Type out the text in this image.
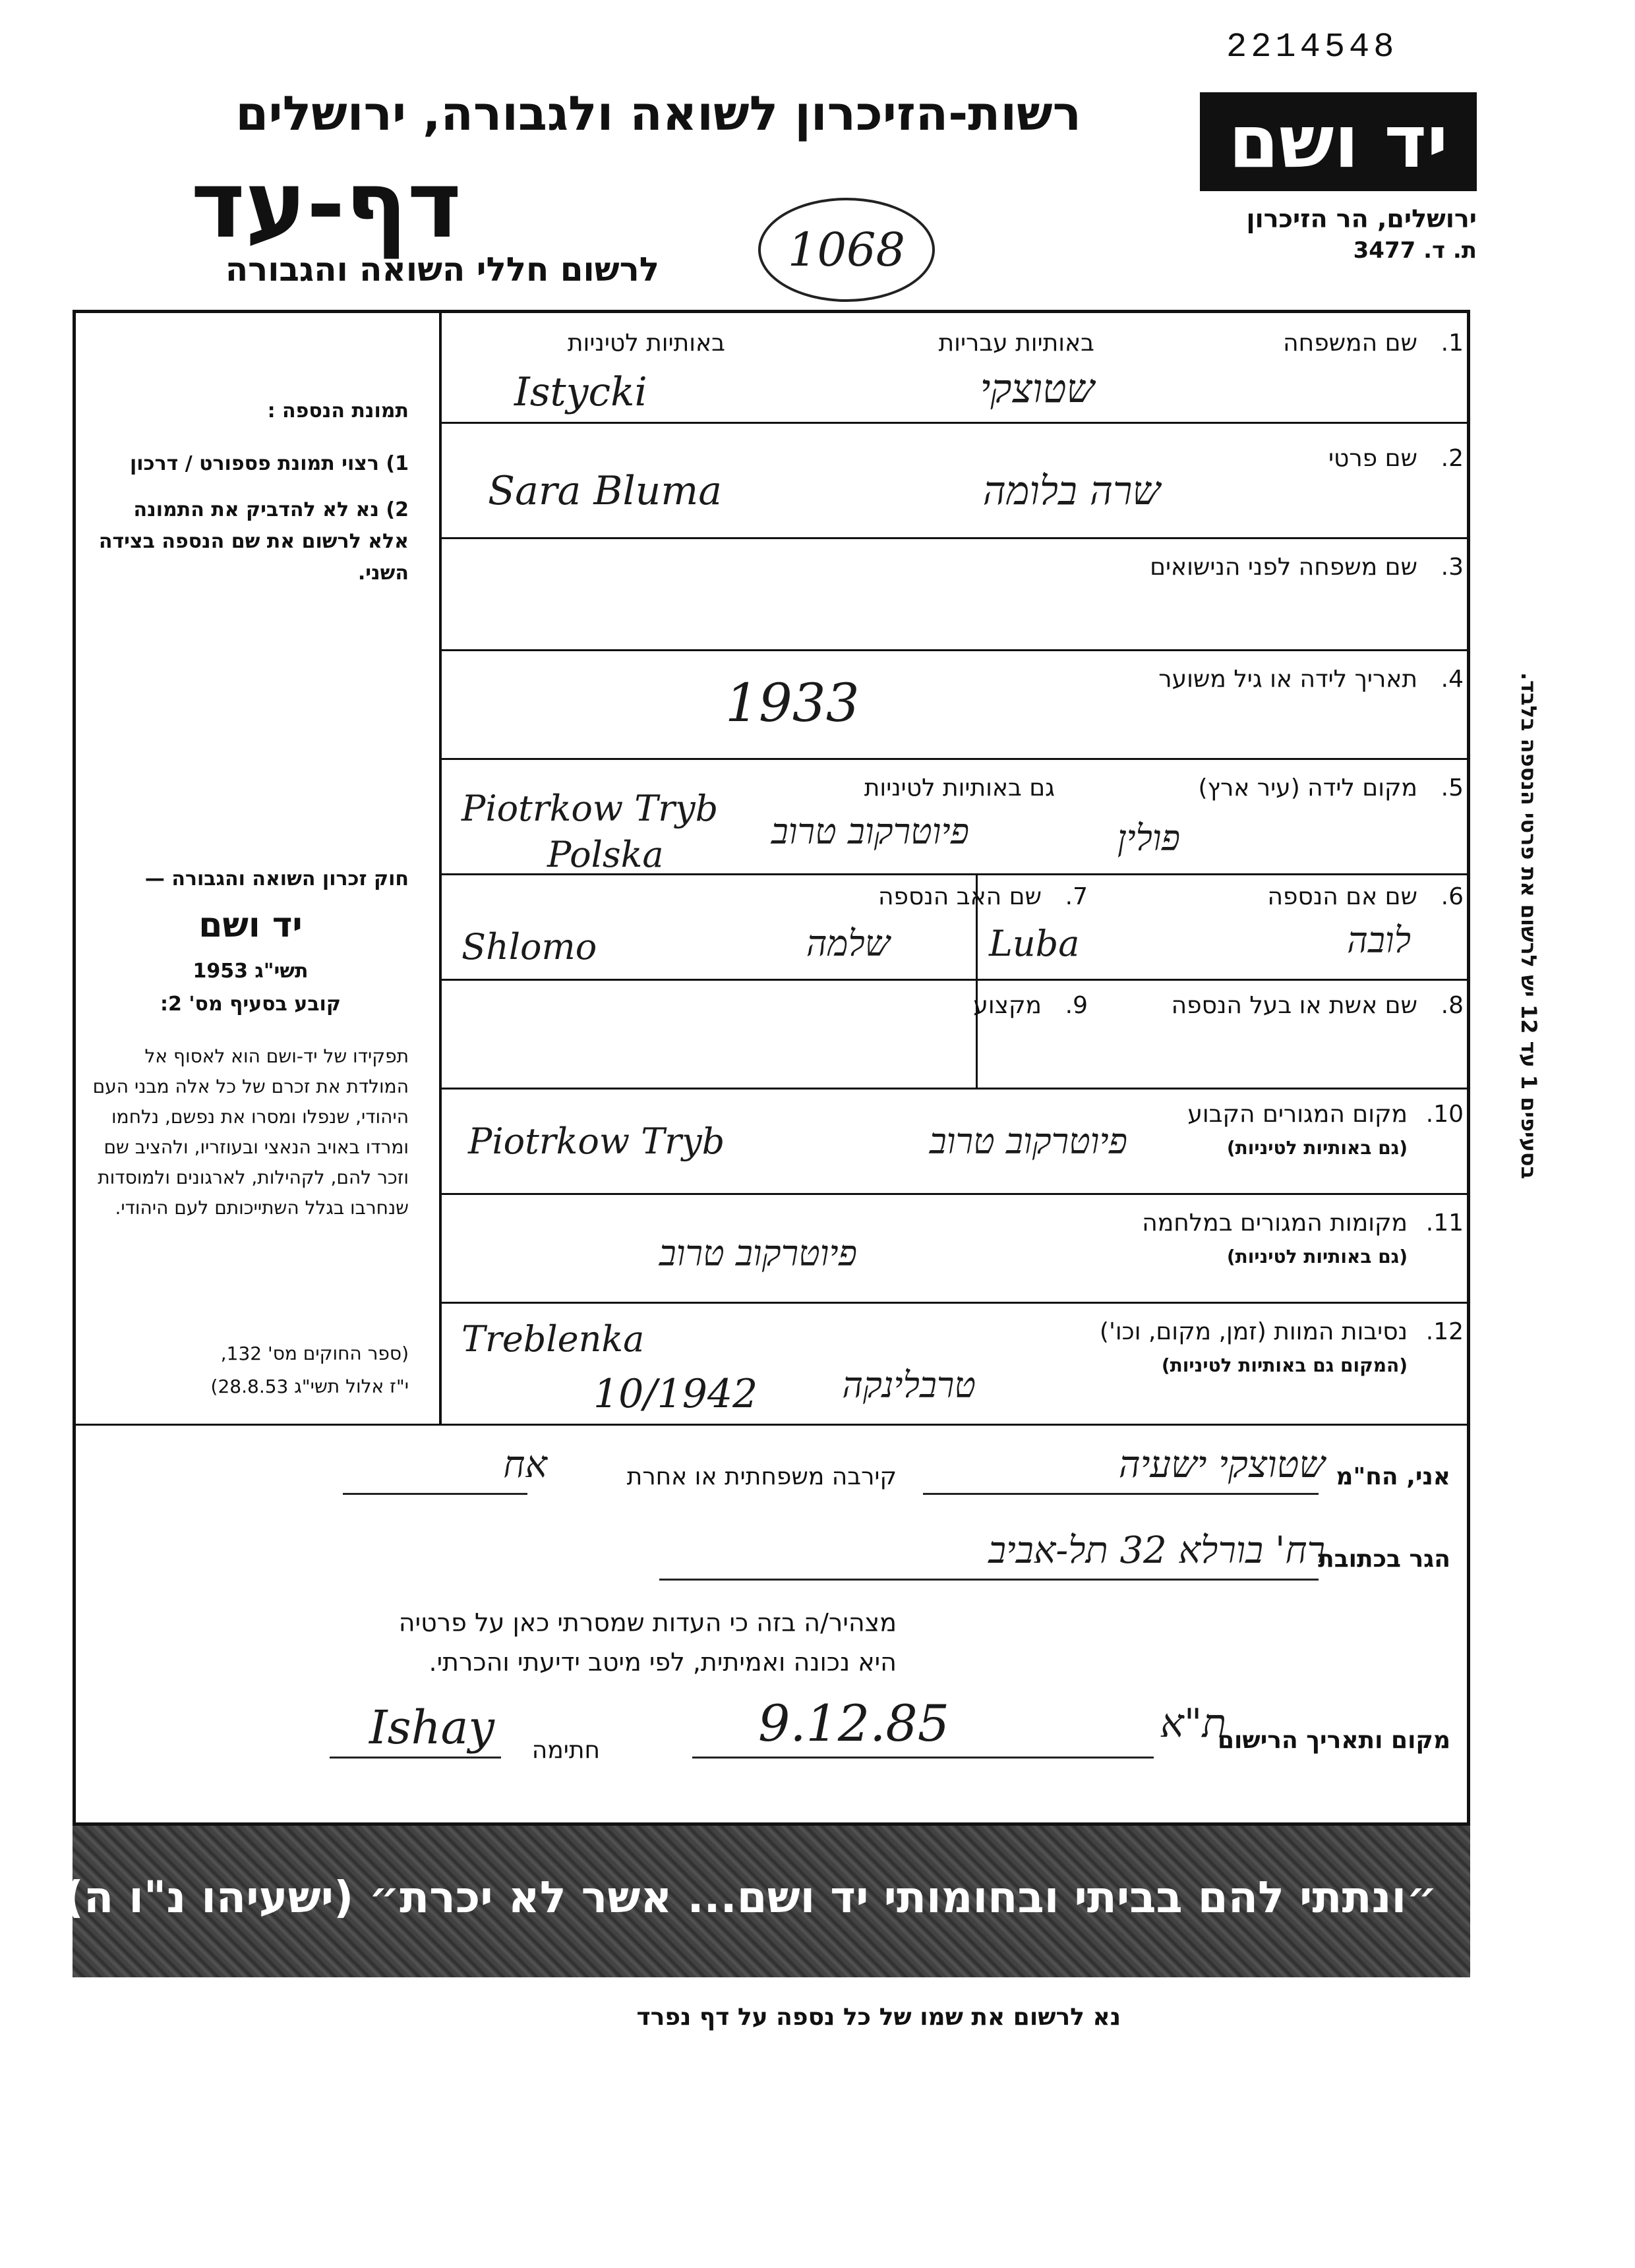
2214548
יד ושם
ירושלים, הר הזיכרון
ת. ד. 3477
רשות-הזיכרון לשואה ולגבורה, ירושלים
דף-עד
לרשום חללי השואה והגבורה	1068
תמונת הנספה :
1) רצוי תמונת פספורט / דרכון
2) נא לא להדביק את התמונה אלא לרשום את שם הנספה בצידה השני.
חוק זכרון השואה והגבורה —
יד ושם
תשי"ג 1953
קובע בסעיף מס' 2:
תפקידו של יד-ושם הוא לאסוף אל המולדת את זכרם של כל אלה מבני העם היהודי, שנפלו ומסרו את נפשם, נלחמו ומרדו באויב הנאצי ובעוזריו, ולהציב שם וזכר להם, לקהילות, לארגונים ולמוסדות שנחרבו בגלל השתייכותם לעם היהודי.
(ספר החוקים מס' 132,
י"ז אלול תשי"ג 28.8.53)
1.
שם המשפחה
באותיות עבריות
באותיות לטיניות
Istycki	שטוצקי
2.
שם פרטי
Sara Bluma	שרה בלומה
3.
שם משפחה לפני הנישואים
4.
תאריך לידה או גיל משוער
1933
5.
מקום לידה (עיר ארץ)
גם באותיות לטיניות
Piotrkow Tryb
Polska
פיוטרקוב טרוב	פולין
6.
שם אם הנספה
Luba	לובה
7.
שם האב הנספה
Shlomo	שלמה
8.
שם אשת או בעל הנספה
9.
מקצוע
10.
מקום המגורים הקבוע
(גם באותיות לטיניות)
Piotrkow Tryb	פיוטרקוב טרוב
11.
מקומות המגורים במלחמה
(גם באותיות לטיניות)
פיוטרקוב טרוב
12.
נסיבות המוות (זמן, מקום, וכו')
(המקום גם באותיות לטיניות)
Treblenka
10/1942 טרבלינקה
אני, הח"מ
שטוצקי ישעיה
קירבה משפחתית או אחרת
אח
הגר בכתובת
רח' בורלא 32 תל-אביב
מצהיר/ה בזה כי העדות שמסרתי כאן על פרטיה
היא נכונה ואמיתית, לפי מיטב ידיעתי והכרתי.
מקום ותאריך הרישום
ת"א
9.12.85
חתימה
Ishay
״ונתתי להם בביתי ובחומותי יד ושם... אשר לא יכרת״ (ישעיהו נ"ו ה)
נא לרשום את שמו של כל נספה על דף נפרד
בסעיפים 1 עד 12 יש לרשום את פרטי הנספה בלבד.
